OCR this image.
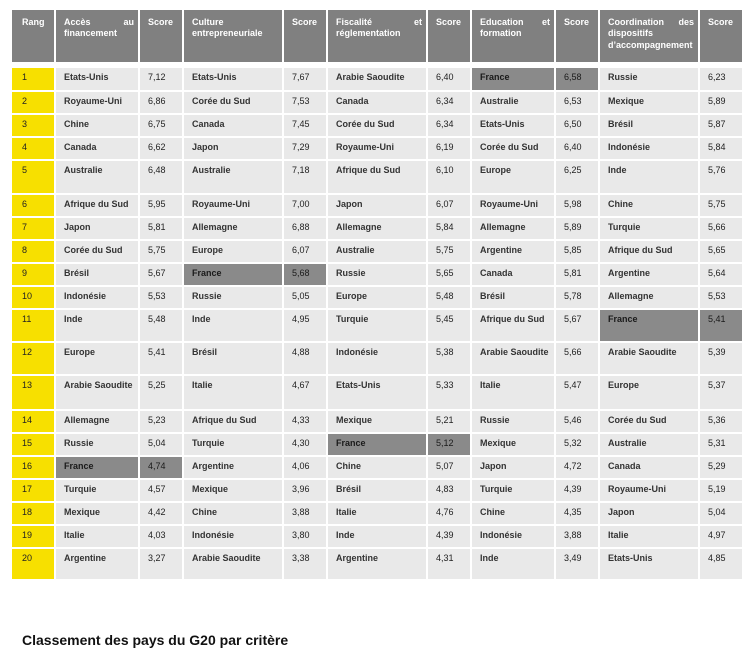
Rang	Accès au financement	Score	Culture entrepreneuriale	Score	Fiscalité et réglementation	Score	Education et formation	Score	Coordination des dispositifs d’accompagnement	Score
1	Etats-Unis	7,12	Etats-Unis	7,67	Arabie Saoudite	6,40	France	6,58	Russie	6,23
2	Royaume-Uni	6,86	Corée du Sud	7,53	Canada	6,34	Australie	6,53	Mexique	5,89
3	Chine	6,75	Canada	7,45	Corée du Sud	6,34	Etats-Unis	6,50	Brésil	5,87
4	Canada	6,62	Japon	7,29	Royaume-Uni	6,19	Corée du Sud	6,40	Indonésie	5,84
5	Australie	6,48	Australie	7,18	Afrique du Sud	6,10	Europe	6,25	Inde	5,76
6	Afrique du Sud	5,95	Royaume-Uni	7,00	Japon	6,07	Royaume-Uni	5,98	Chine	5,75
7	Japon	5,81	Allemagne	6,88	Allemagne	5,84	Allemagne	5,89	Turquie	5,66
8	Corée du Sud	5,75	Europe	6,07	Australie	5,75	Argentine	5,85	Afrique du Sud	5,65
9	Brésil	5,67	France	5,68	Russie	5,65	Canada	5,81	Argentine	5,64
10	Indonésie	5,53	Russie	5,05	Europe	5,48	Brésil	5,78	Allemagne	5,53
11	Inde	5,48	Inde	4,95	Turquie	5,45	Afrique du Sud	5,67	France	5,41
12	Europe	5,41	Brésil	4,88	Indonésie	5,38	Arabie Saoudite	5,66	Arabie Saoudite	5,39
13	Arabie Saoudite	5,25	Italie	4,67	Etats-Unis	5,33	Italie	5,47	Europe	5,37
14	Allemagne	5,23	Afrique du Sud	4,33	Mexique	5,21	Russie	5,46	Corée du Sud	5,36
15	Russie	5,04	Turquie	4,30	France	5,12	Mexique	5,32	Australie	5,31
16	France	4,74	Argentine	4,06	Chine	5,07	Japon	4,72	Canada	5,29
17	Turquie	4,57	Mexique	3,96	Brésil	4,83	Turquie	4,39	Royaume-Uni	5,19
18	Mexique	4,42	Chine	3,88	Italie	4,76	Chine	4,35	Japon	5,04
19	Italie	4,03	Indonésie	3,80	Inde	4,39	Indonésie	3,88	Italie	4,97
20	Argentine	3,27	Arabie Saoudite	3,38	Argentine	4,31	Inde	3,49	Etats-Unis	4,85
Classement des pays du G20 par critère
